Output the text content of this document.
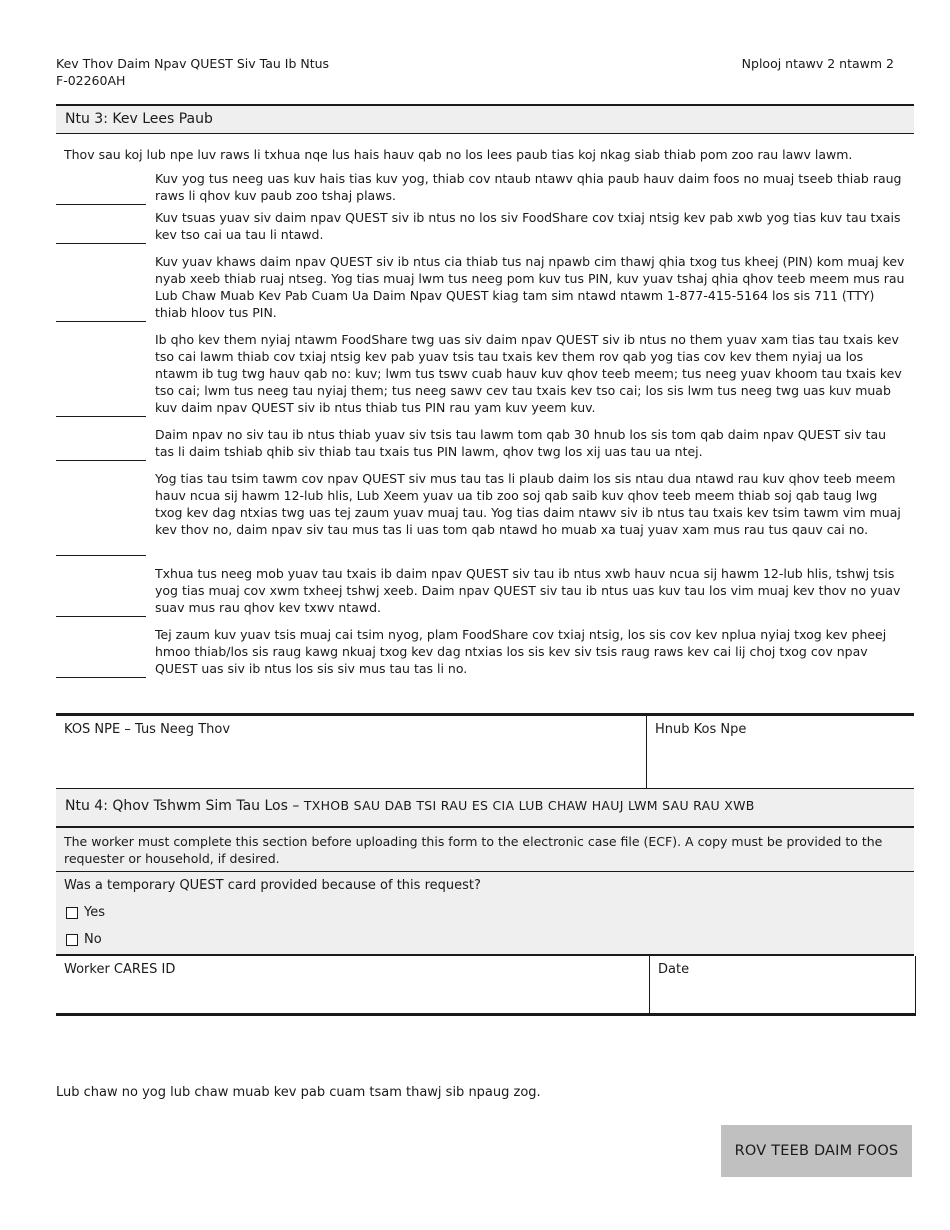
Kev Thov Daim Npav QUEST Siv Tau Ib Ntus
F-02260AH
Nplooj ntawv 2 ntawm 2
Ntu 3: Kev Lees Paub
Thov sau koj lub npe luv raws li txhua nqe lus hais hauv qab no los lees paub tias koj nkag siab thiab pom zoo rau lawv lawm.
Kuv yog tus neeg uas kuv hais tias kuv yog, thiab cov ntaub ntawv qhia paub hauv daim foos no muaj tseeb thiab raug raws li qhov kuv paub zoo tshaj plaws.
Kuv tsuas yuav siv daim npav QUEST siv ib ntus no los siv FoodShare cov txiaj ntsig kev pab xwb yog tias kuv tau txais kev tso cai ua tau li ntawd.
Kuv yuav khaws daim npav QUEST siv ib ntus cia thiab tus naj npawb cim thawj qhia txog tus kheej (PIN) kom muaj kev nyab xeeb thiab ruaj ntseg. Yog tias muaj lwm tus neeg pom kuv tus PIN, kuv yuav tshaj qhia qhov teeb meem mus rau Lub Chaw Muab Kev Pab Cuam Ua Daim Npav QUEST kiag tam sim ntawd ntawm 1-877-415-5164 los sis 711 (TTY) thiab hloov tus PIN.
Ib qho kev them nyiaj ntawm FoodShare twg uas siv daim npav QUEST siv ib ntus no them yuav xam tias tau txais kev tso cai lawm thiab cov txiaj ntsig kev pab yuav tsis tau txais kev them rov qab yog tias cov kev them nyiaj ua los ntawm ib tug twg hauv qab no: kuv; lwm tus tswv cuab hauv kuv qhov teeb meem; tus neeg yuav khoom tau txais kev tso cai; lwm tus neeg tau nyiaj them; tus neeg sawv cev tau txais kev tso cai; los sis lwm tus neeg twg uas kuv muab kuv daim npav QUEST siv ib ntus thiab tus PIN rau yam kuv yeem kuv.
Daim npav no siv tau ib ntus thiab yuav siv tsis tau lawm tom qab 30 hnub los sis tom qab daim npav QUEST siv tau tas li daim tshiab qhib siv thiab tau txais tus PIN lawm, qhov twg los xij uas tau ua ntej.
Yog tias tau tsim tawm cov npav QUEST siv mus tau tas li plaub daim los sis ntau dua ntawd rau kuv qhov teeb meem hauv ncua sij hawm 12-lub hlis, Lub Xeem yuav ua tib zoo soj qab saib kuv qhov teeb meem thiab soj qab taug lwg txog kev dag ntxias twg uas tej zaum yuav muaj tau. Yog tias daim ntawv siv ib ntus tau txais kev tsim tawm vim muaj kev thov no, daim npav siv tau mus tas li uas tom qab ntawd ho muab xa tuaj yuav xam mus rau tus qauv cai no.
Txhua tus neeg mob yuav tau txais ib daim npav QUEST siv tau ib ntus xwb hauv ncua sij hawm 12-lub hlis, tshwj tsis yog tias muaj cov xwm txheej tshwj xeeb. Daim npav QUEST siv tau ib ntus uas kuv tau los vim muaj kev thov no yuav suav mus rau qhov kev txwv ntawd.
Tej zaum kuv yuav tsis muaj cai tsim nyog, plam FoodShare cov txiaj ntsig, los sis cov kev nplua nyiaj txog kev pheej hmoo thiab/los sis raug kawg nkuaj txog kev dag ntxias los sis kev siv tsis raug raws kev cai lij choj txog cov npav QUEST uas siv ib ntus los sis siv mus tau tas li no.
KOS NPE – Tus Neeg Thov	Hnub Kos Npe
Ntu 4: Qhov Tshwm Sim Tau Los – TXHOB SAU DAB TSI RAU ES CIA LUB CHAW HAUJ LWM SAU RAU XWB
The worker must complete this section before uploading this form to the electronic case file (ECF). A copy must be provided to the requester or household, if desired.
Was a temporary QUEST card provided because of this request?
Yes
No
Worker CARES ID	Date
Lub chaw no yog lub chaw muab kev pab cuam tsam thawj sib npaug zog.
ROV TEEB DAIM FOOS
